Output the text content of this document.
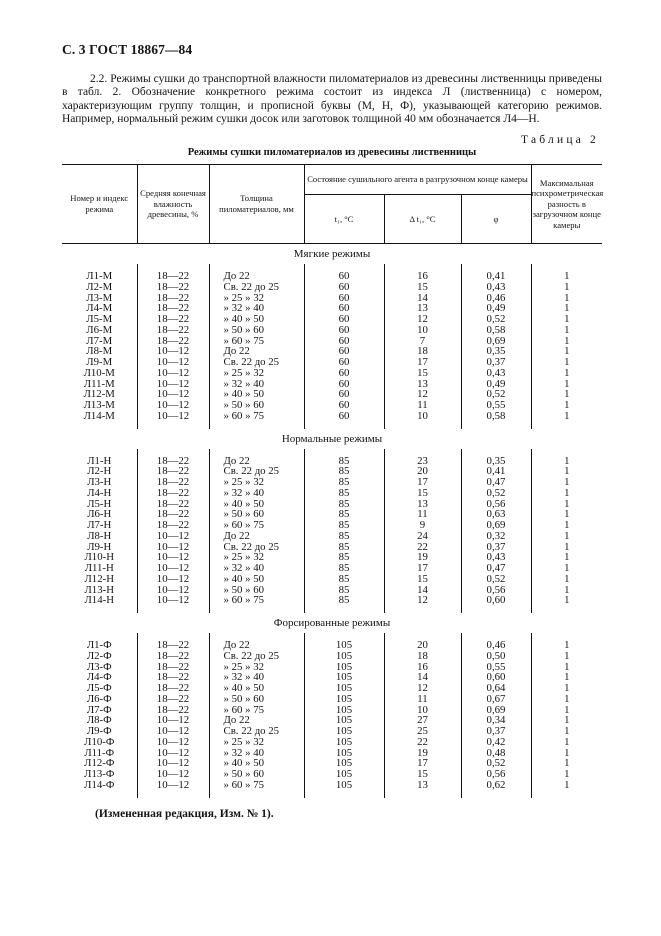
С. 3 ГОСТ 18867—84
2.2. Режимы сушки до транспортной влажности пиломатериалов из древесины лиственницы приведены в табл. 2. Обозначение конкретного режима состоит из индекса Л (лиственница) с номером, характеризующим группу толщин, и прописной буквы (М, Н, Ф), указывающей категорию режимов. Например, нормальный режим сушки досок или заготовок толщиной 40 мм обозначается Л4—Н.
Таблица 2
Режимы сушки пиломатериалов из древесины лиственницы
Номер и индекс режима	Средняя конечная влажность древесины, %	Толщина пиломатериалов, мм	Состояние сушильного агента в разгрузочном конце камеры			Максимальная психрометрическая разность в загрузочном конце камеры
			t₁, °С	Δ t₁, °С	φ	
Мягкие режимы						

Л1-М	18—22	До 22	60	16	0,41	1
Л2-М	18—22	Св. 22 до 25	60	15	0,43	1
Л3-М	18—22	» 25 » 32	60	14	0,46	1
Л4-М	18—22	» 32 » 40	60	13	0,49	1
Л5-М	18—22	» 40 » 50	60	12	0,52	1
Л6-М	18—22	» 50 » 60	60	10	0,58	1
Л7-М	18—22	» 60 » 75	60	7	0,69	1
Л8-М	10—12	До 22	60	18	0,35	1
Л9-М	10—12	Св. 22 до 25	60	17	0,37	1
Л10-М	10—12	» 25 » 32	60	15	0,43	1
Л11-М	10—12	» 32 » 40	60	13	0,49	1
Л12-М	10—12	» 40 » 50	60	12	0,52	1
Л13-М	10—12	» 50 » 60	60	11	0,55	1
Л14-М	10—12	» 60 » 75	60	10	0,58	1

Нормальные режимы						

Л1-Н	18—22	До 22	85	23	0,35	1
Л2-Н	18—22	Св. 22 до 25	85	20	0,41	1
Л3-Н	18—22	» 25 » 32	85	17	0,47	1
Л4-Н	18—22	» 32 » 40	85	15	0,52	1
Л5-Н	18—22	» 40 » 50	85	13	0,56	1
Л6-Н	18—22	» 50 » 60	85	11	0,63	1
Л7-Н	18—22	» 60 » 75	85	9	0,69	1
Л8-Н	10—12	До 22	85	24	0,32	1
Л9-Н	10—12	Св. 22 до 25	85	22	0,37	1
Л10-Н	10—12	» 25 » 32	85	19	0,43	1
Л11-Н	10—12	» 32 » 40	85	17	0,47	1
Л12-Н	10—12	» 40 » 50	85	15	0,52	1
Л13-Н	10—12	» 50 » 60	85	14	0,56	1
Л14-Н	10—12	» 60 » 75	85	12	0,60	1

Форсированные режимы						

Л1-Ф	18—22	До 22	105	20	0,46	1
Л2-Ф	18—22	Св. 22 до 25	105	18	0,50	1
Л3-Ф	18—22	» 25 » 32	105	16	0,55	1
Л4-Ф	18—22	» 32 » 40	105	14	0,60	1
Л5-Ф	18—22	» 40 » 50	105	12	0,64	1
Л6-Ф	18—22	» 50 » 60	105	11	0,67	1
Л7-Ф	18—22	» 60 » 75	105	10	0,69	1
Л8-Ф	10—12	До 22	105	27	0,34	1
Л9-Ф	10—12	Св. 22 до 25	105	25	0,37	1
Л10-Ф	10—12	» 25 » 32	105	22	0,42	1
Л11-Ф	10—12	» 32 » 40	105	19	0,48	1
Л12-Ф	10—12	» 40 » 50	105	17	0,52	1
Л13-Ф	10—12	» 50 » 60	105	15	0,56	1
Л14-Ф	10—12	» 60 » 75	105	13	0,62	1

(Измененная редакция, Изм. № 1).
